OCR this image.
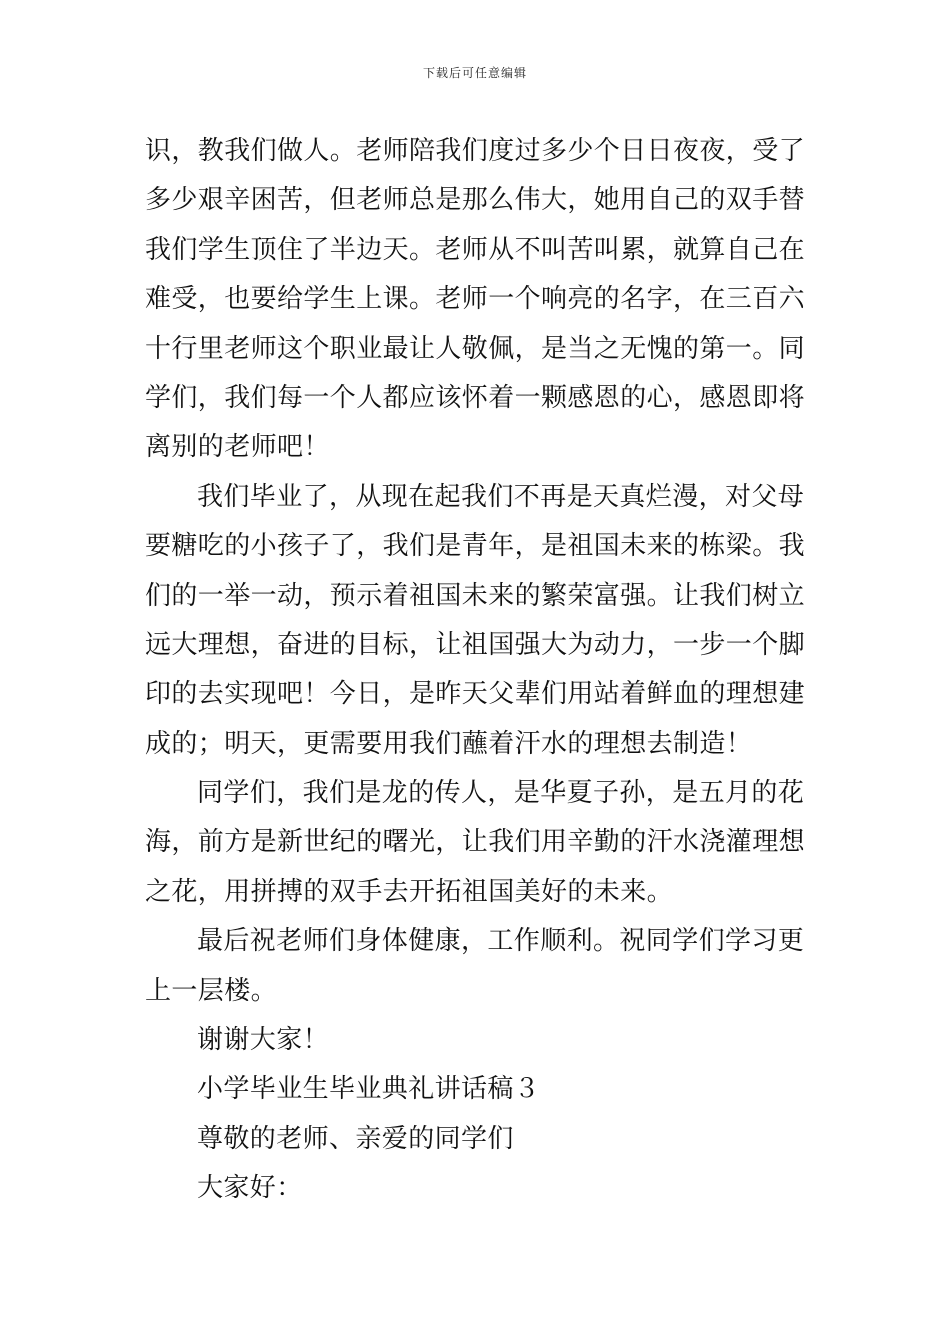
下载后可任意编辑
识，教我们做人。老师陪我们度过多少个日日夜夜，受了
多少艰辛困苦，但老师总是那么伟大，她用自己的双手替
我们学生顶住了半边天。老师从不叫苦叫累，就算自己在
难受，也要给学生上课。老师一个响亮的名字，在三百六
十行里老师这个职业最让人敬佩，是当之无愧的第一。同
学们，我们每一个人都应该怀着一颗感恩的心，感恩即将
离别的老师吧！
我们毕业了，从现在起我们不再是天真烂漫，对父母
要糖吃的小孩子了，我们是青年，是祖国未来的栋梁。我
们的一举一动，预示着祖国未来的繁荣富强。让我们树立
远大理想，奋进的目标，让祖国强大为动力，一步一个脚
印的去实现吧！今日，是昨天父辈们用站着鲜血的理想建
成的；明天，更需要用我们蘸着汗水的理想去制造！
同学们，我们是龙的传人，是华夏子孙，是五月的花
海，前方是新世纪的曙光，让我们用辛勤的汗水浇灌理想
之花，用拼搏的双手去开拓祖国美好的未来。
最后祝老师们身体健康，工作顺利。祝同学们学习更
上一层楼。
谢谢大家！
小学毕业生毕业典礼讲话稿３
尊敬的老师、亲爱的同学们
大家好：
